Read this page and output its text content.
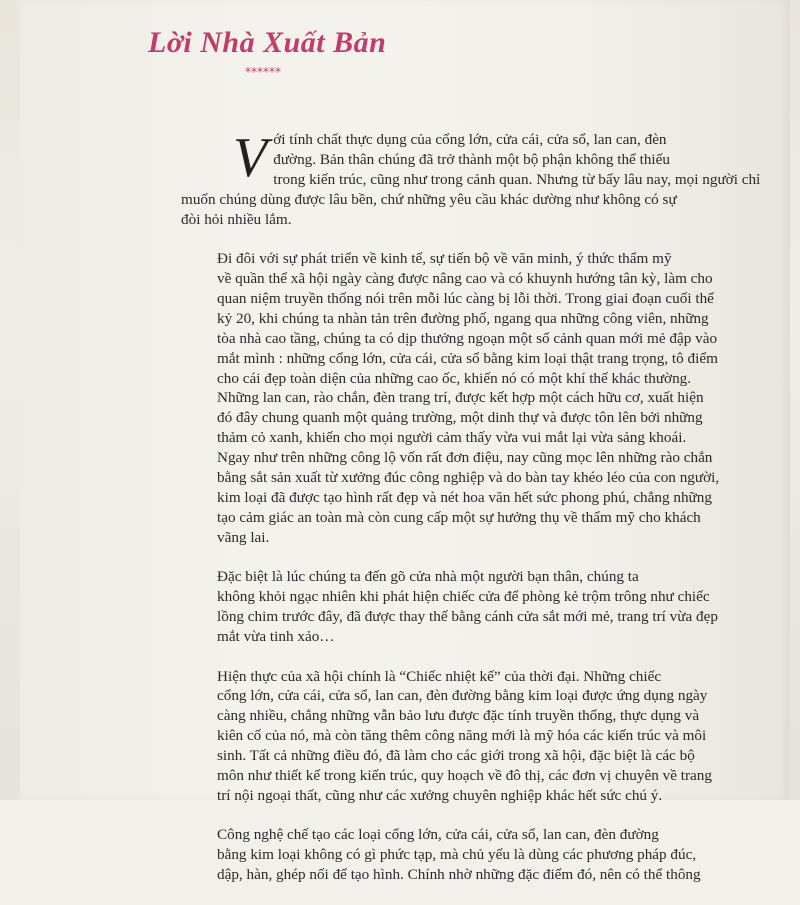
Lời Nhà Xuất Bản
******

V ới tính chất thực dụng của cổng lớn, cửa cái, cửa sổ, lan can, đèn
đường. Bản thân chúng đã trở thành một bộ phận không thể thiếu
trong kiến trúc, cũng như trong cảnh quan. Nhưng từ bấy lâu nay, mọi người chỉ
muốn chúng dùng được lâu bền, chứ những yêu cầu khác dường như không có sự
đòi hỏi nhiều lắm.

Đi đôi với sự phát triển về kinh tế, sự tiến bộ về văn minh, ý thức thẩm mỹ
về quần thể xã hội ngày càng được nâng cao và có khuynh hướng tân kỳ, làm cho
quan niệm truyền thống nói trên mỗi lúc càng bị lỗi thời. Trong giai đoạn cuối thế
kỷ 20, khi chúng ta nhàn tản trên đường phố, ngang qua những công viên, những
tòa nhà cao tầng, chúng ta có dịp thưởng ngoạn một số cảnh quan mới mẻ đập vào
mắt mình : những cổng lớn, cửa cái, cửa sổ bằng kim loại thật trang trọng, tô điểm
cho cái đẹp toàn diện của những cao ốc, khiến nó có một khí thế khác thường.
Những lan can, rào chắn, đèn trang trí, được kết hợp một cách hữu cơ, xuất hiện
đó đây chung quanh một quảng trường, một dinh thự và được tôn lên bởi những
thảm cỏ xanh, khiến cho mọi người cảm thấy vừa vui mắt lại vừa sảng khoái.
Ngay như trên những công lộ vốn rất đơn điệu, nay cũng mọc lên những rào chắn
bằng sắt sản xuất từ xưởng đúc công nghiệp và do bàn tay khéo léo của con người,
kim loại đã được tạo hình rất đẹp và nét hoa văn hết sức phong phú, chẳng những
tạo cảm giác an toàn mà còn cung cấp một sự hưởng thụ về thẩm mỹ cho khách
vãng lai.

Đặc biệt là lúc chúng ta đến gõ cửa nhà một người bạn thân, chúng ta
không khỏi ngạc nhiên khi phát hiện chiếc cửa để phòng kẻ trộm trông như chiếc
lồng chim trước đây, đã được thay thế bằng cánh cửa sắt mới mẻ, trang trí vừa đẹp
mắt vừa tinh xảo…

Hiện thực của xã hội chính là “Chiếc nhiệt kế” của thời đại. Những chiếc
cổng lớn, cửa cái, cửa sổ, lan can, đèn đường bằng kim loại được ứng dụng ngày
càng nhiều, chẳng những vẫn bảo lưu được đặc tính truyền thống, thực dụng và
kiên cố của nó, mà còn tăng thêm công năng mới là mỹ hóa các kiến trúc và môi
sinh. Tất cả những điều đó, đã làm cho các giới trong xã hội, đặc biệt là các bộ
môn như thiết kế trong kiến trúc, quy hoạch về đô thị, các đơn vị chuyên về trang
trí nội ngoại thất, cũng như các xưởng chuyên nghiệp khác hết sức chú ý.

Công nghệ chế tạo các loại cổng lớn, cửa cái, cửa sổ, lan can, đèn đường
bằng kim loại không có gì phức tạp, mà chủ yếu là dùng các phương pháp đúc,
dập, hàn, ghép nối để tạo hình. Chính nhờ những đặc điểm đó, nên có thể thông
